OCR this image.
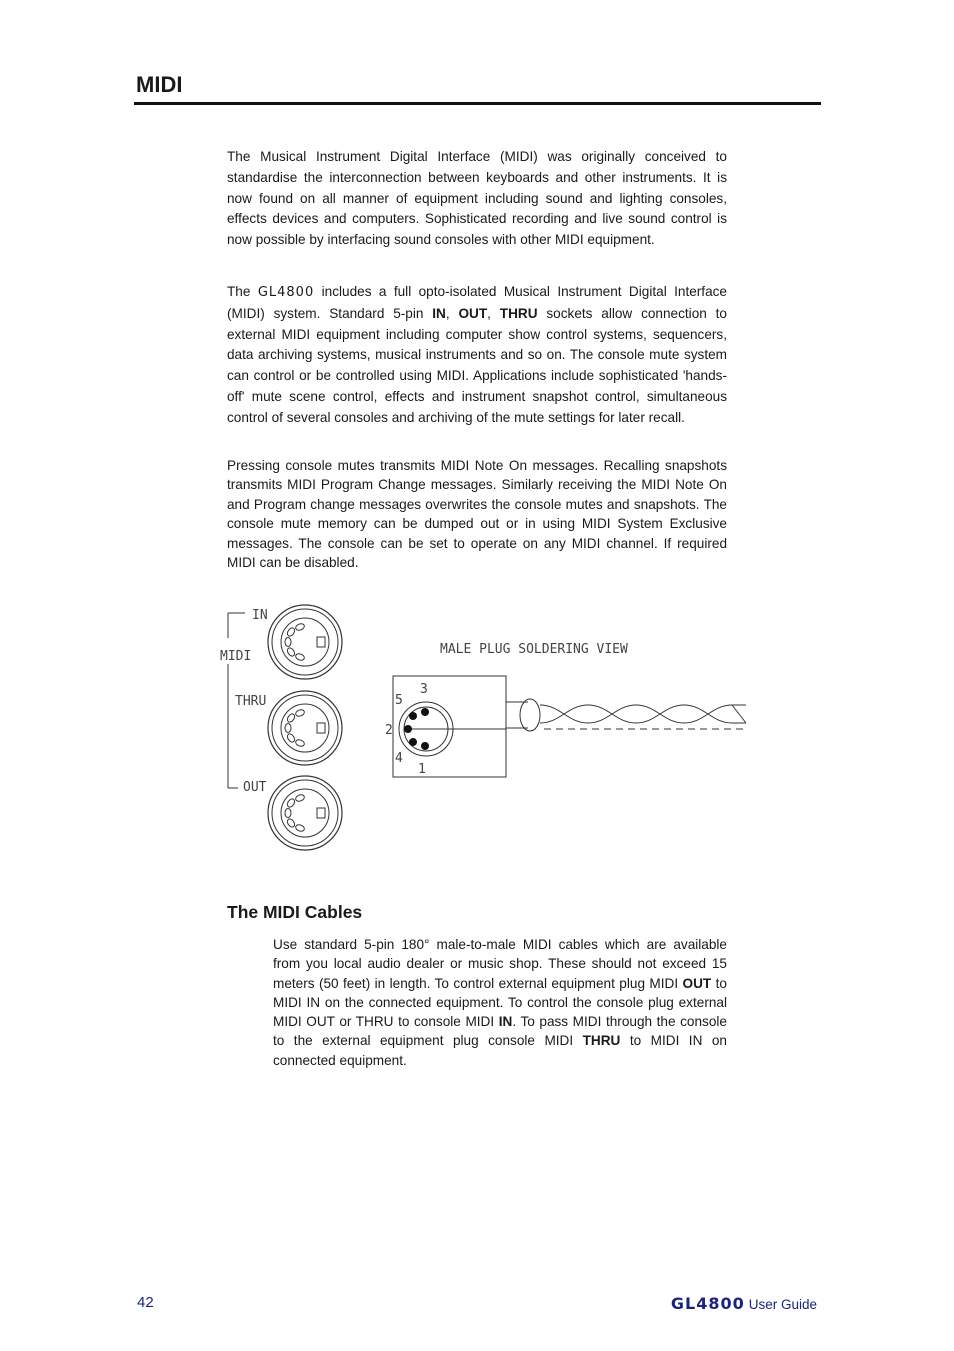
MIDI

The Musical Instrument Digital Interface (MIDI) was originally conceived to standardise the interconnection between keyboards and other instruments. It is now found on all manner of equipment including sound and lighting consoles, effects devices and computers. Sophisticated recording and live sound control is now possible by interfacing sound consoles with other MIDI equipment.

The GL4800 includes a full opto-isolated Musical Instrument Digital Interface (MIDI) system. Standard 5-pin IN, OUT, THRU sockets allow connection to external MIDI equipment including computer show control systems, sequencers, data archiving systems, musical instruments and so on. The console mute system can control or be controlled using MIDI. Applications include sophisticated 'hands-off' mute scene control, effects and instrument snapshot control, simultaneous control of several consoles and archiving of the mute settings for later recall.

Pressing console mutes transmits MIDI Note On messages. Recalling snapshots transmits MIDI Program Change messages. Similarly receiving the MIDI Note On and Program change messages overwrites the console mutes and snapshots. The console mute memory can be dumped out or in using MIDI System Exclusive messages. The console can be set to operate on any MIDI channel. If required MIDI can be disabled.

MIDI
IN
THRU
OUT
MALE PLUG SOLDERING VIEW
5
3
2
4
1
The MIDI Cables

Use standard 5-pin 180° male-to-male MIDI cables which are available from you local audio dealer or music shop. These should not exceed 15 meters (50 feet) in length. To control external equipment plug MIDI OUT to MIDI IN on the connected equipment. To control the console plug external MIDI OUT or THRU to console MIDI IN. To pass MIDI through the console to the external equipment plug console MIDI THRU to MIDI IN on connected equipment.

42	GL4800 User Guide
